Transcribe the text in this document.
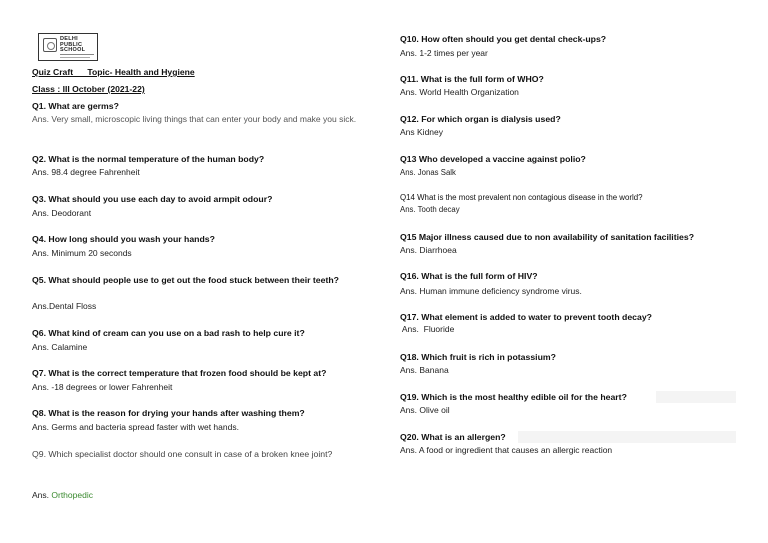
DELHI
PUBLIC
SCHOOL
Quiz Craft      Topic- Health and Hygiene
Class : III October (2021-22)
Q1. What are germs?
Ans. Very small, microscopic living things that can enter your body and make you sick.
Q2. What is the normal temperature of the human body?
Ans. 98.4 degree Fahrenheit
Q3. What should you use each day to avoid armpit odour?
Ans. Deodorant
Q4. How long should you wash your hands?
Ans. Minimum 20 seconds
Q5. What should people use to get out the food stuck between their teeth?
Ans.Dental Floss
Q6. What kind of cream can you use on a bad rash to help cure it?
Ans. Calamine
Q7. What is the correct temperature that frozen food should be kept at?
Ans. -18 degrees or lower Fahrenheit
Q8. What is the reason for drying your hands after washing them?
Ans. Germs and bacteria spread faster with wet hands.
Q9. Which specialist doctor should one consult in case of a broken knee joint?
Ans. Orthopedic
Q10. How often should you get dental check-ups?
Ans. 1-2 times per year
Q11. What is the full form of WHO?
Ans. World Health Organization
Q12. For which organ is dialysis used?
Ans Kidney
Q13 Who developed a vaccine against polio?
Ans. Jonas Salk
Q14 What is the most prevalent non contagious disease in the world?
Ans. Tooth decay
Q15 Major illness caused due to non availability of sanitation facilities?
Ans. Diarrhoea
Q16. What is the full form of HIV?
Ans. Human immune deficiency syndrome virus.
Q17. What element is added to water to prevent tooth decay?
Ans.  Fluoride
Q18. Which fruit is rich in potassium?
Ans. Banana
Q19. Which is the most healthy edible oil for the heart?
Ans. Olive oil
Q20. What is an allergen?
Ans. A food or ingredient that causes an allergic reaction
